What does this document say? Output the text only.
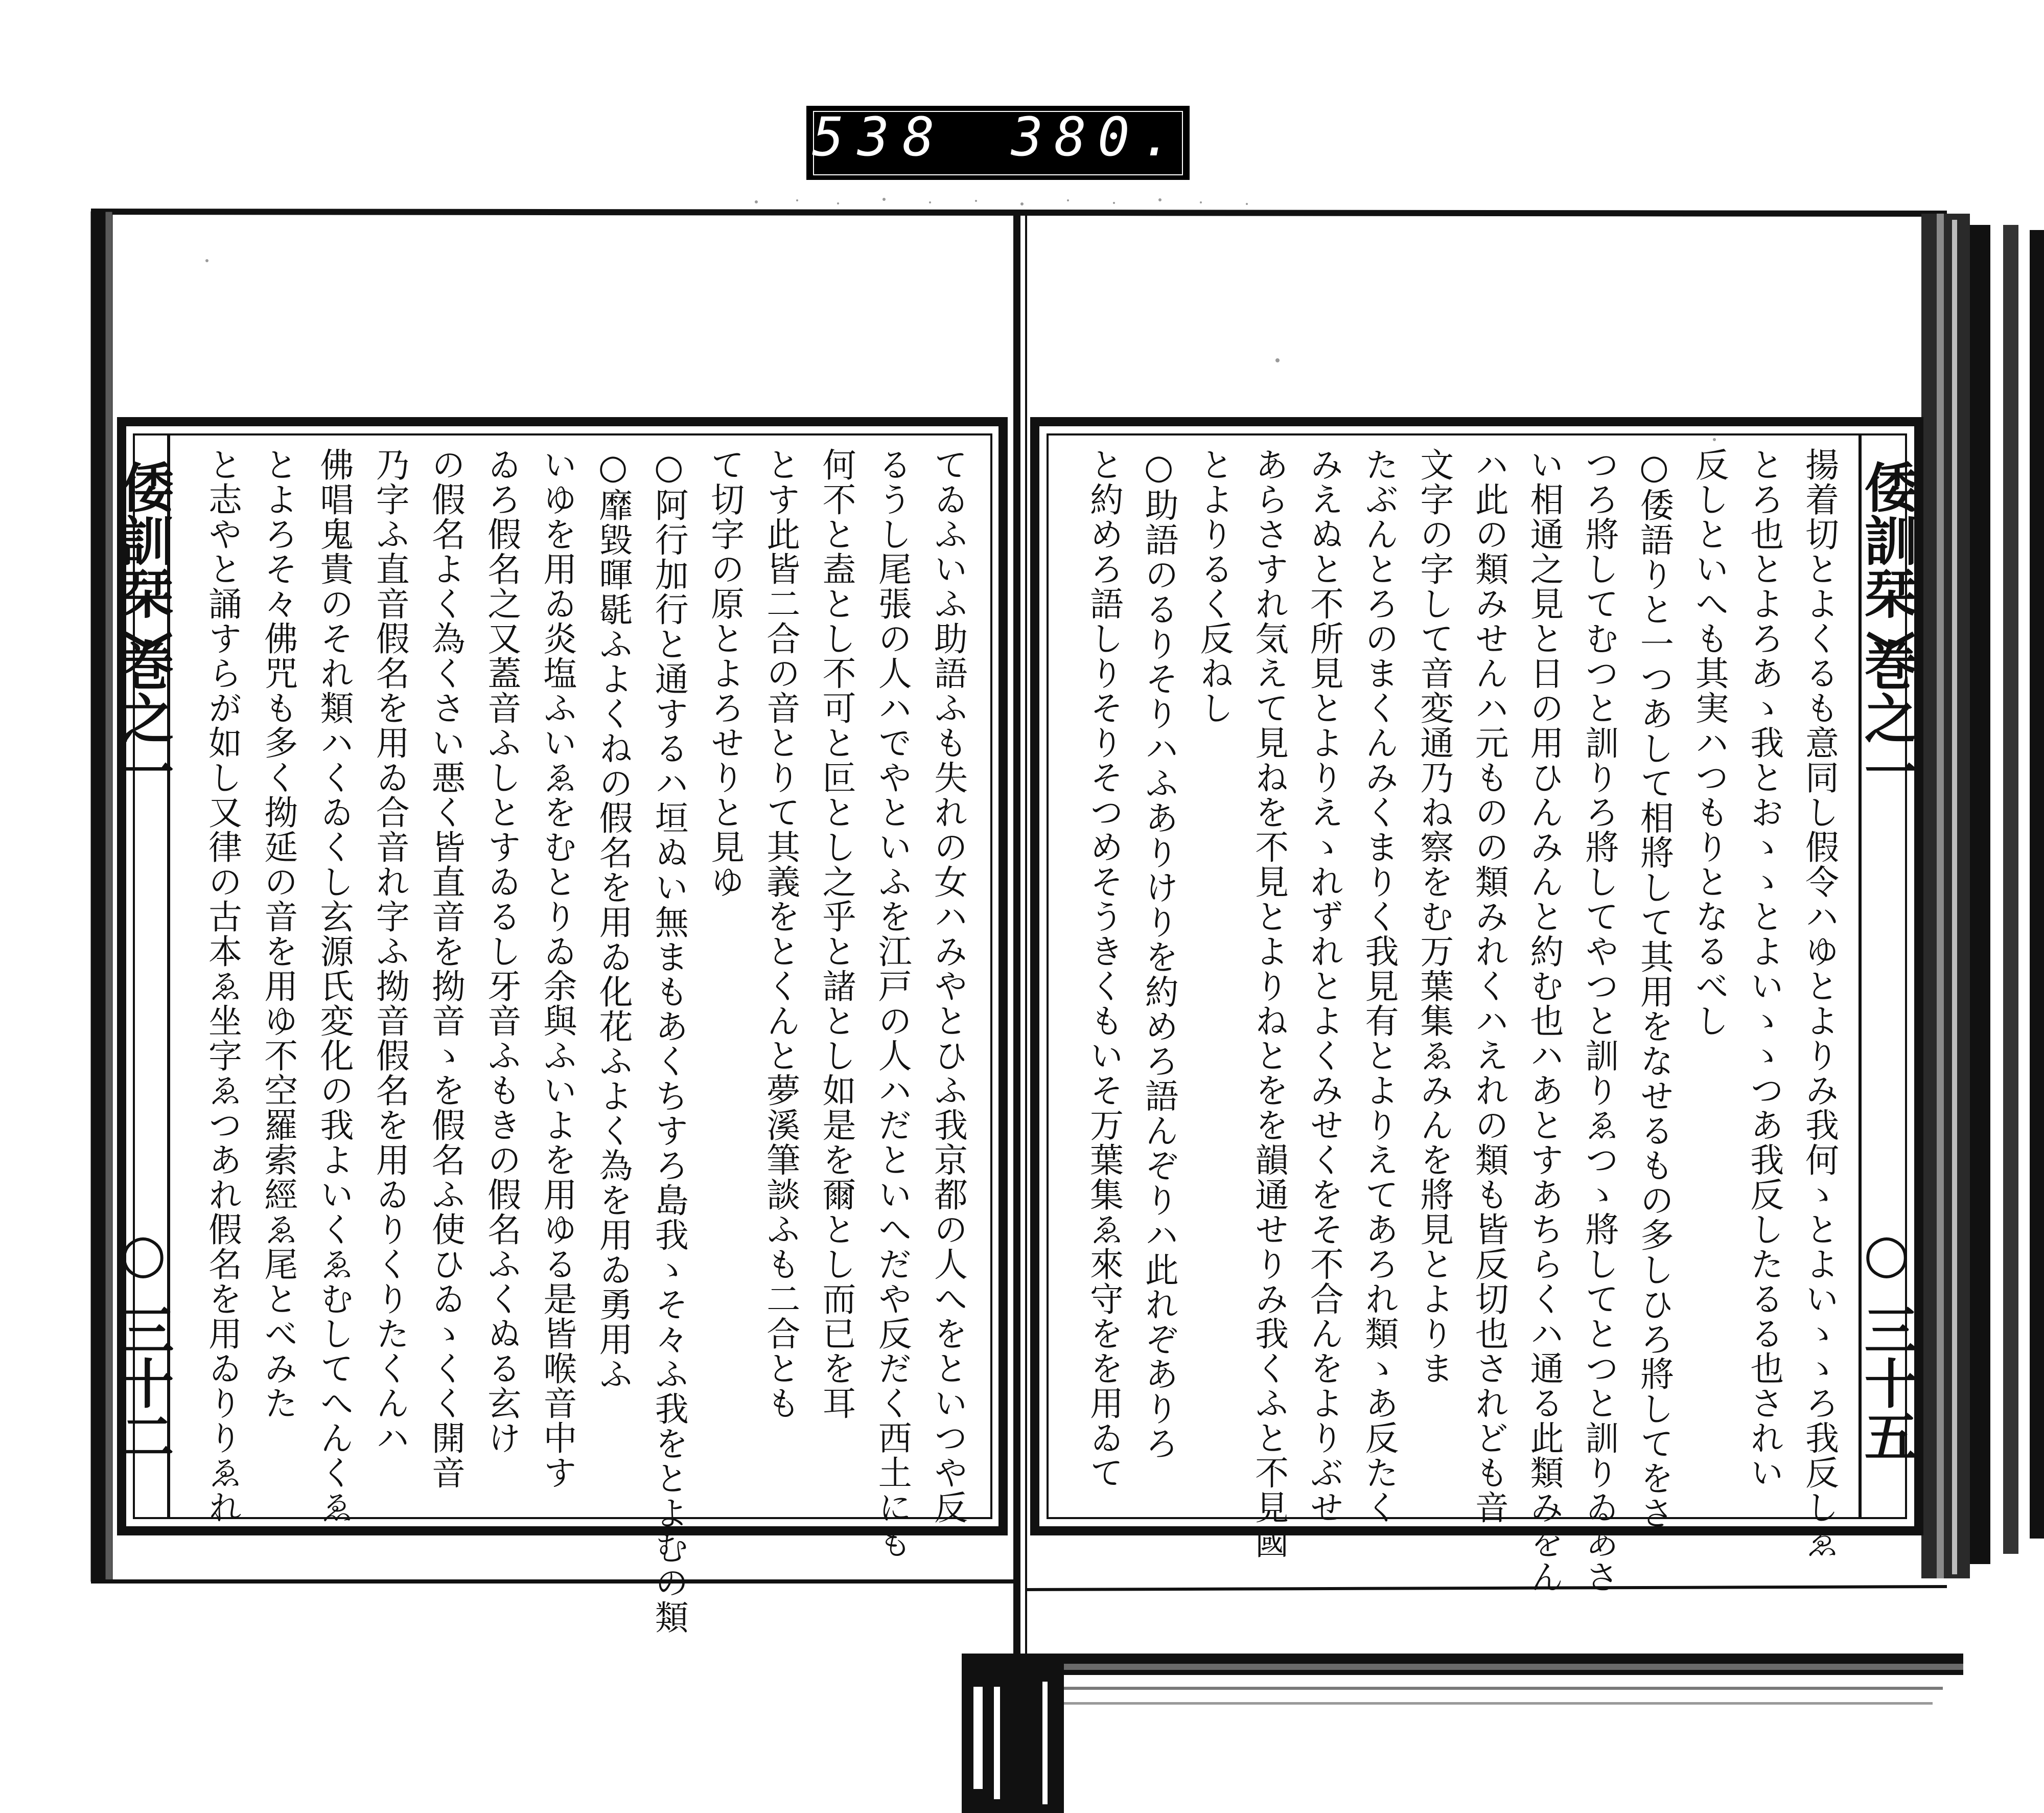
538 380.
倭訓栞 巻之一
○ 三十五
揚着切とよくるも意同し假令ハゆとよりみ我何ゝとよいゝゝろ我反しゑ
とろ也とよろあゝ我とおゝゝとよいゝゝつあ我反したるる也されい
反しといへも其実ハつもりとなるべし
○倭語りと一つあして相將して其用をなせるもの多しひろ將してをさ
つろ將してむつと訓りろ將してやつと訓りゑつゝ將してとつと訓りゐあさ
い相通之見と日の用ひんみんと約む也ハあとすあちらくハ通る此類みをん
ハ此の類みせんハ元ものの類みれくハえれの類も皆反切也されども音
文字の字して音変通乃ね察をむ万葉集ゑみんを將見とよりま
たぶんとろのまくんみくまりく我見有とよりえてあろれ類ゝあ反たく
みえぬと不所見とよりえゝれずれとよくみせくをそ不合んをよりぶせ
あらさすれ気えて見ねを不見とよりねとをを韻通せりみ我くふと不見國
とよりるく反ねし
○助語のるりそりハふありけりを約めろ語んぞりハ此れぞありろ
と約めろ語しりそりそつめそうきくもいそ万葉集ゑ來守をを用ゐて
倭訓栞 巻之一
○ 三十二	てゐふいふ助語ふも失れの女ハみやとひふ我京都の人へをといつや反
るうし尾張の人ハでやといふを江戸の人ハだといへだや反だく西土にも
何不と盍とし不可と叵とし之乎と諸とし如是を爾とし而已を耳
とす此皆二合の音とりて其義をとくんと夢溪筆談ふも二合とも
て切字の原とよろせりと見ゆ
○阿行加行と通するハ垣ぬい無まもあくちすろ島我ゝそ々ふ我をとよむの類
○靡毀暉毼ふよくねの假名を用ゐ化花ふよく為を用ゐ勇用ふ
いゆを用ゐ炎塩ふいゑをむとりゐ余與ふいよを用ゆる是皆喉音中す
ゐろ假名之又蓋音ふしとすゐるし牙音ふもきの假名ふくぬる玄け
の假名よく為くさい悪く皆直音を拗音ゝを假名ふ使ひゐゝくく開音
乃字ふ直音假名を用ゐ合音れ字ふ拗音假名を用ゐりくりたくんハ
佛唱鬼貴のそれ類ハくゐくし玄源氏変化の我よいくゑむしてへんくゑ
とよろそ々佛咒も多く拗延の音を用ゆ不空羅索經ゑ尾とべみた
と志やと誦すらが如し又律の古本ゑ坐字ゑつあれ假名を用ゐりりゑれ
